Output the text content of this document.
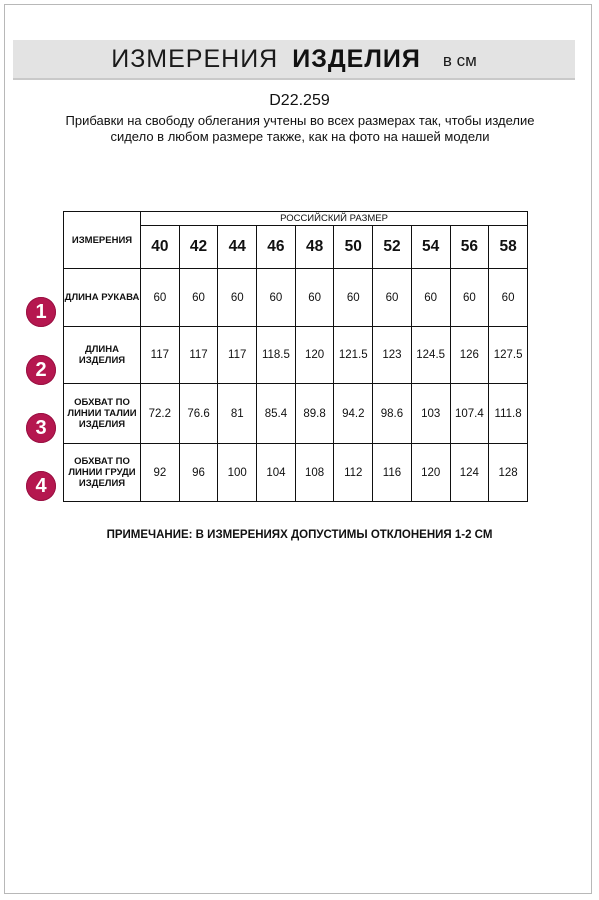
ИЗМЕРЕНИЯ ИЗДЕЛИЯ в см
D22.259
Прибавки на свободу облегания учтены во всех размерах так, чтобы изделие сидело в любом размере также, как на фото на нашей модели
ИЗМЕРЕНИЯ	РОССИЙСКИЙ РАЗМЕР									
	40	42	44	46	48	50	52	54	56	58
ДЛИНА РУКАВА	60	60	60	60	60	60	60	60	60	60
ДЛИНА ИЗДЕЛИЯ	117	117	117	118.5	120	121.5	123	124.5	126	127.5
ОБХВАТ ПО ЛИНИИ ТАЛИИ ИЗДЕЛИЯ	72.2	76.6	81	85.4	89.8	94.2	98.6	103	107.4	111.8
ОБХВАТ ПО ЛИНИИ ГРУДИ ИЗДЕЛИЯ	92	96	100	104	108	112	116	120	124	128
1
2
3
4
ПРИМЕЧАНИЕ: В ИЗМЕРЕНИЯХ ДОПУСТИМЫ ОТКЛОНЕНИЯ 1-2 СМ
